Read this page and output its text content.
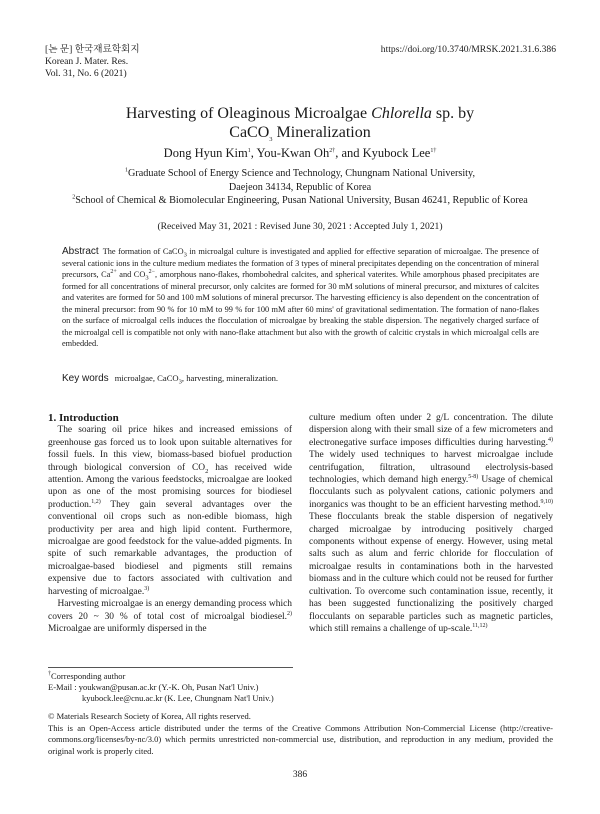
[논 문] 한국재료학회지
Korean J. Mater. Res.
Vol. 31, No. 6 (2021)
https://doi.org/10.3740/MRSK.2021.31.6.386
Harvesting of Oleaginous Microalgae Chlorella sp. by
CaCO$_3$ Mineralization
Dong Hyun Kim$^1$, You-Kwan $Oh^{2\dagger}$, and Kyubock Lee$^{1\dagger}$
$^1$Graduate School of Energy Science and Technology, Chungnam National University,
Daejeon 34134, Republic of Korea
$^2$School of Chemical & Biomolecular Engineering, Pusan National University, Busan 46241, Republic of Korea
(Received May 31, 2021 : Revised June 30, 2021 : Accepted July 1, 2021)
Abstract The formation of CaCO$_3$ in microalgal culture is investigated and applied for effective separation of microalgae. The presence of several cationic ions in the culture medium mediates the formation of 3 types of mineral precipitates depending on the concentration of mineral precursors, $Ca^{2+}$ and $CO_3^{2-}$, amorphous nano-flakes, rhombohedral calcites, and spherical vaterites. While amorphous phased precipitates are formed for all concentrations of mineral precursor, only calcites are formed for 30 mM solutions of mineral precursor, and mixtures of calcites and vaterites are formed for 50 and 100 mM solutions of mineral precursor. The harvesting efficiency is also dependent on the concentration of the mineral precursor: from 90 % for 10 mM to 99 % for 100 mM after 60 mins' of gravitational sedimentation. The formation of nano-flakes on the surface of microalgal cells induces the flocculation of microalgae by breaking the stable dispersion. The negatively charged surface of the microalgal cell is compatible not only with nano-flake attachment but also with the growth of calcitic crystals in which microalgal cells are embedded.
Key words microalgae, CaCO$_3$, harvesting, mineralization.

1. Introduction

The soaring oil price hikes and increased emissions of greenhouse gas forced us to look upon suitable alternatives for fossil fuels. In this view, biomass-based biofuel production through biological conversion of $CO_2$ has received wide attention. Among the various feedstocks, microalgae are looked upon as one of the most promising sources for biodiesel production.$^{1,2)}$ They gain several advantages over the conventional oil crops such as non-edible biomass, high productivity per area and high lipid content. Furthermore, microalgae are good feedstock for the value-added pigments. In spite of such remarkable advantages, the production of microalgae-based biodiesel and pigments still remains expensive due to factors associated with cultivation and harvesting of microalgae.$^{3)}$

Harvesting microalgae is an energy demanding process which covers 20 ~ 30 % of total cost of microalgal biodiesel.$^{2)}$ Microalgae are uniformly dispersed in the

culture medium often under 2 g/L concentration. The dilute dispersion along with their small size of a few micrometers and electronegative surface imposes difficulties during harvesting.$^{4)}$ The widely used techniques to harvest microalgae include centrifugation, filtration, ultrasound electrolysis-based technologies, which demand high energy.$^{5-8)}$ Usage of chemical flocculants such as polyvalent cations, cationic polymers and inorganics was thought to be an efficient harvesting method.$^{9,10)}$ These flocculants break the stable dispersion of negatively charged microalgae by introducing positively charged components without expense of energy. However, using metal salts such as alum and ferric chloride for flocculation of microalgae results in contaminations both in the harvested biomass and in the culture which could not be reused for further cultivation. To overcome such contamination issue, recently, it has been suggested functionalizing the positively charged flocculants on separable particles such as magnetic particles, which still remains a challenge of up-scale.$^{11,12)}$

†Corresponding author
E-Mail : youkwan@pusan.ac.kr (Y.-K. Oh, Pusan Nat'l Univ.)
kyubock.lee@cnu.ac.kr (K. Lee, Chungnam Nat'l Univ.)
© Materials Research Society of Korea, All rights reserved.
This is an Open-Access article distributed under the terms of the Creative Commons Attribution Non-Commercial License (http://creative-commons.org/licenses/by-nc/3.0) which permits unrestricted non-commercial use, distribution, and reproduction in any medium, provided the original work is properly cited.
386
